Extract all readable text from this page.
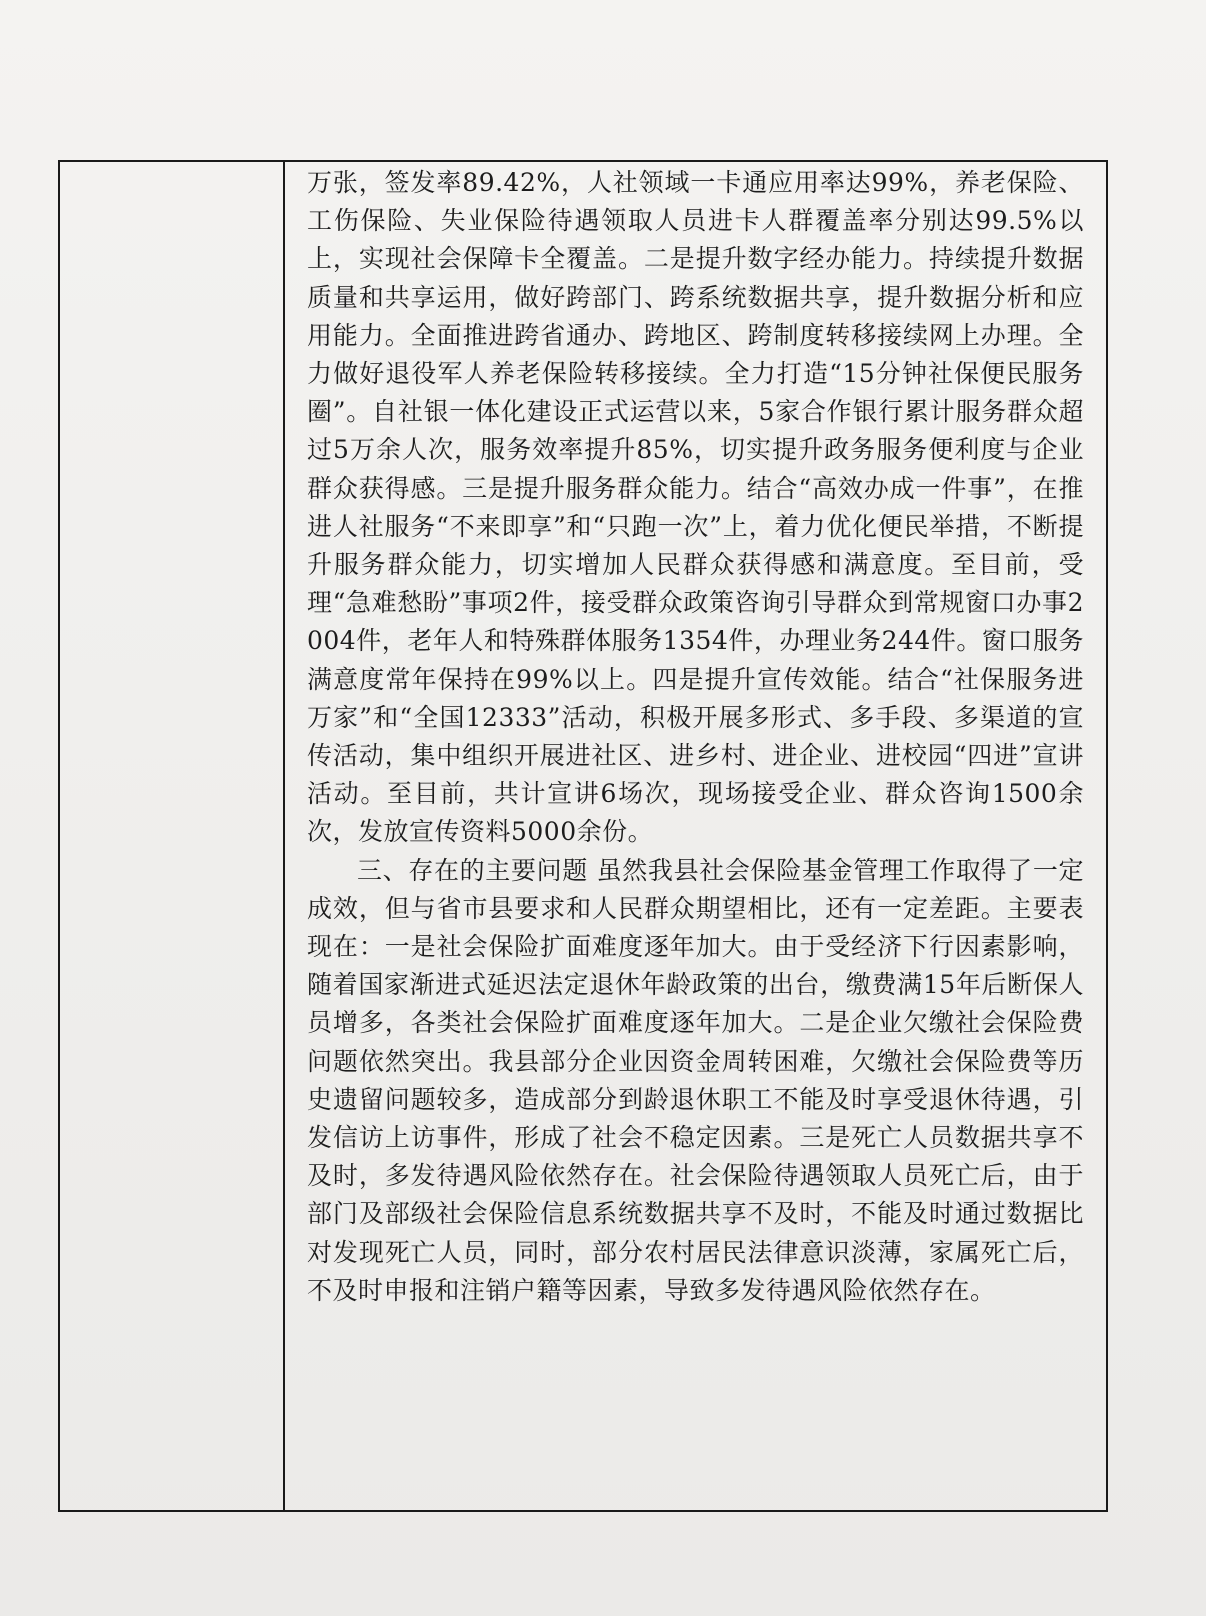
万张，签发率89.42%，人社领域一卡通应用率达99%，养老保险、工伤保险、失业保险待遇领取人员进卡人群覆盖率分别达99.5%以上，实现社会保障卡全覆盖。二是提升数字经办能力。持续提升数据质量和共享运用，做好跨部门、跨系统数据共享，提升数据分析和应用能力。全面推进跨省通办、跨地区、跨制度转移接续网上办理。全力做好退役军人养老保险转移接续。全力打造“15分钟社保便民服务圈”。自社银一体化建设正式运营以来，5家合作银行累计服务群众超过5万余人次，服务效率提升85%，切实提升政务服务便利度与企业群众获得感。三是提升服务群众能力。结合“高效办成一件事”，在推进人社服务“不来即享”和“只跑一次”上，着力优化便民举措，不断提升服务群众能力，切实增加人民群众获得感和满意度。至目前，受理“急难愁盼”事项2件，接受群众政策咨询引导群众到常规窗口办事2004件，老年人和特殊群体服务1354件，办理业务244件。窗口服务满意度常年保持在99%以上。四是提升宣传效能。结合“社保服务进万家”和“全国12333”活动，积极开展多形式、多手段、多渠道的宣传活动，集中组织开展进社区、进乡村、进企业、进校园“四进”宣讲活动。至目前，共计宣讲6场次，现场接受企业、群众咨询1500余次，发放宣传资料5000余份。

三、存在的主要问题 虽然我县社会保险基金管理工作取得了一定成效，但与省市县要求和人民群众期望相比，还有一定差距。主要表现在：一是社会保险扩面难度逐年加大。由于受经济下行因素影响，随着国家渐进式延迟法定退休年龄政策的出台，缴费满15年后断保人员增多，各类社会保险扩面难度逐年加大。二是企业欠缴社会保险费问题依然突出。我县部分企业因资金周转困难，欠缴社会保险费等历史遗留问题较多，造成部分到龄退休职工不能及时享受退休待遇，引发信访上访事件，形成了社会不稳定因素。三是死亡人员数据共享不及时，多发待遇风险依然存在。社会保险待遇领取人员死亡后，由于部门及部级社会保险信息系统数据共享不及时，不能及时通过数据比对发现死亡人员，同时，部分农村居民法律意识淡薄，家属死亡后，不及时申报和注销户籍等因素，导致多发待遇风险依然存在。
